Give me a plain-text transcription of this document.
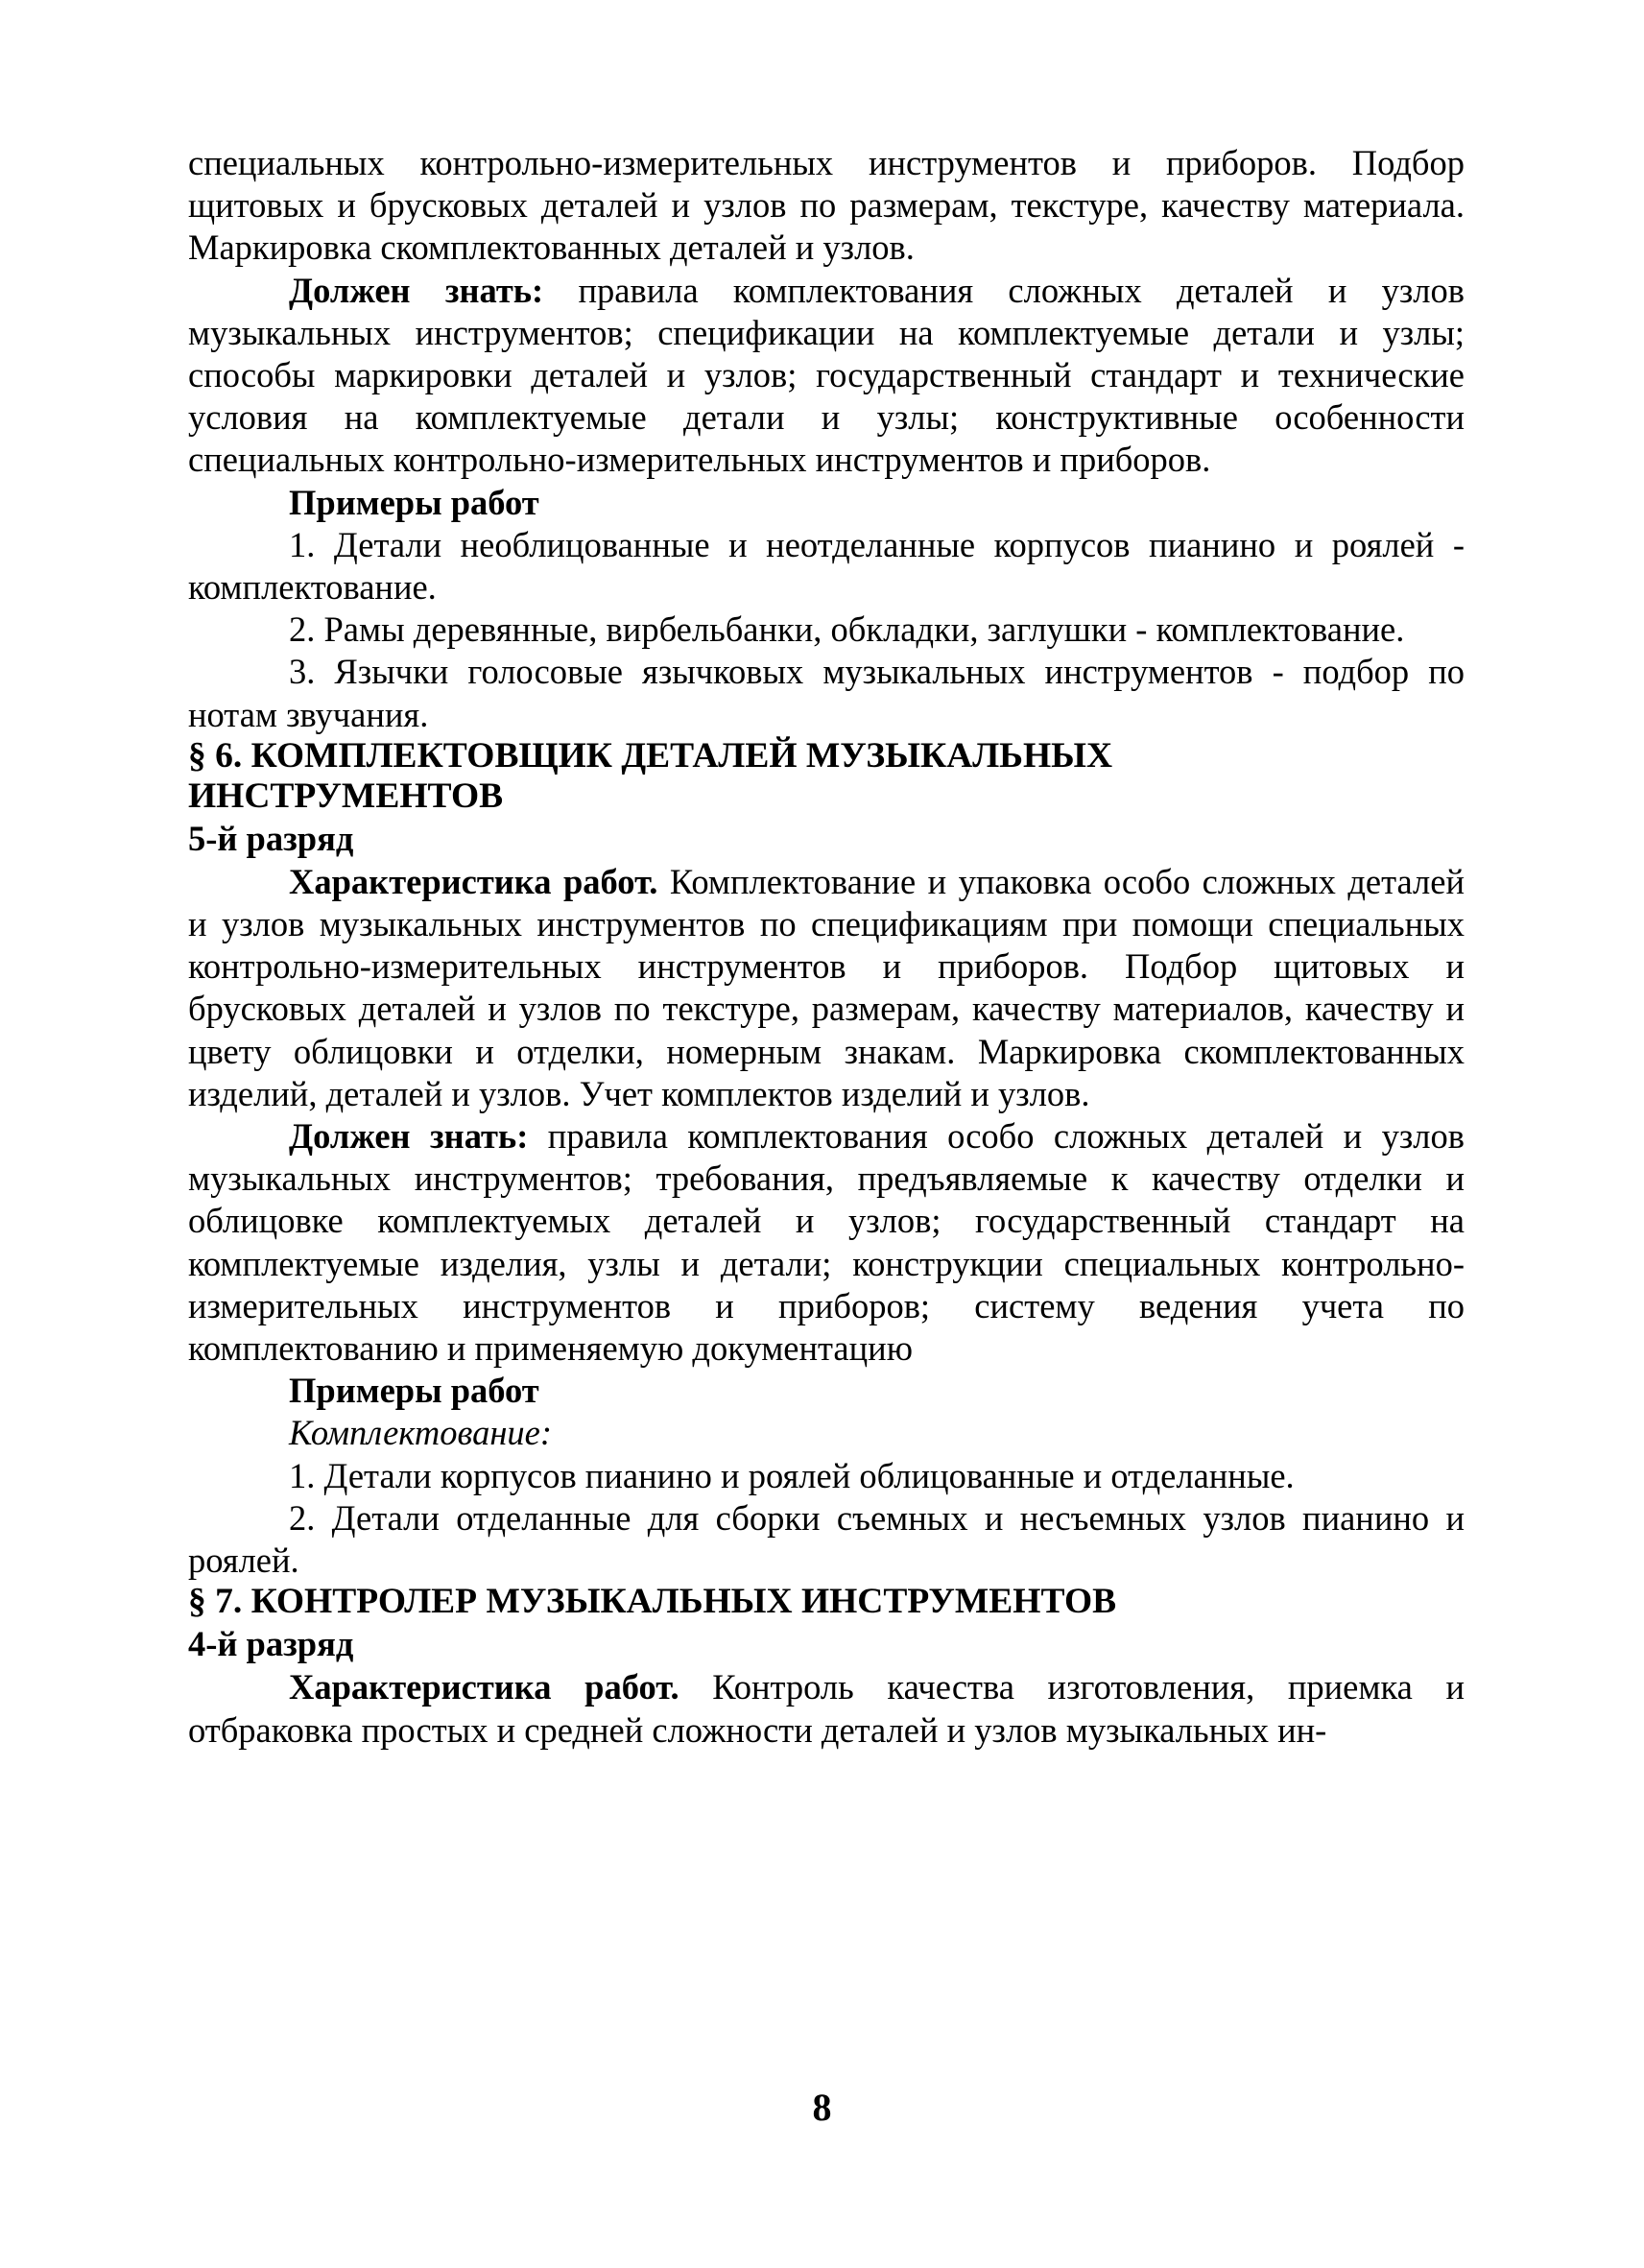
специальных контрольно-измерительных инструментов и приборов. Подбор щитовых и брусковых деталей и узлов по размерам, текстуре, качеству материала. Маркировка скомплектованных деталей и узлов.

Должен знать: правила комплектования сложных деталей и узлов музыкальных инструментов; спецификации на комплектуемые детали и узлы; способы маркировки деталей и узлов; государственный стандарт и технические условия на комплектуемые детали и узлы; конструктивные особенности специальных контрольно-измерительных инструментов и приборов.

Примеры работ

1. Детали необлицованные и неотделанные корпусов пианино и роялей - комплектование.

2. Рамы деревянные, вирбельбанки, обкладки, заглушки - комплектование.

3. Язычки голосовые язычковых музыкальных инструментов - подбор по нотам звучания.

§ 6. КОМПЛЕКТОВЩИК ДЕТАЛЕЙ МУЗЫКАЛЬНЫХ

ИНСТРУМЕНТОВ

5-й разряд

Характеристика работ. Комплектование и упаковка особо сложных деталей и узлов музыкальных инструментов по спецификациям при помощи специальных контрольно-измерительных инструментов и приборов. Подбор щитовых и брусковых деталей и узлов по текстуре, размерам, качеству материалов, качеству и цвету облицовки и отделки, номерным знакам. Маркировка скомплектованных изделий, деталей и узлов. Учет комплектов изделий и узлов.

Должен знать: правила комплектования особо сложных деталей и узлов музыкальных инструментов; требования, предъявляемые к качеству отделки и облицовке комплектуемых деталей и узлов; государственный стандарт на комплектуемые изделия, узлы и детали; конструкции специальных контрольно-измерительных инструментов и приборов; систему ведения учета по комплектованию и применяемую документацию

Примеры работ

Комплектование:

1. Детали корпусов пианино и роялей облицованные и отделанные.

2. Детали отделанные для сборки съемных и несъемных узлов пианино и роялей.

§ 7. КОНТРОЛЕР МУЗЫКАЛЬНЫХ ИНСТРУМЕНТОВ

4-й разряд

Характеристика работ. Контроль качества изготовления, приемка и отбраковка простых и средней сложности деталей и узлов музыкальных ин-

8
